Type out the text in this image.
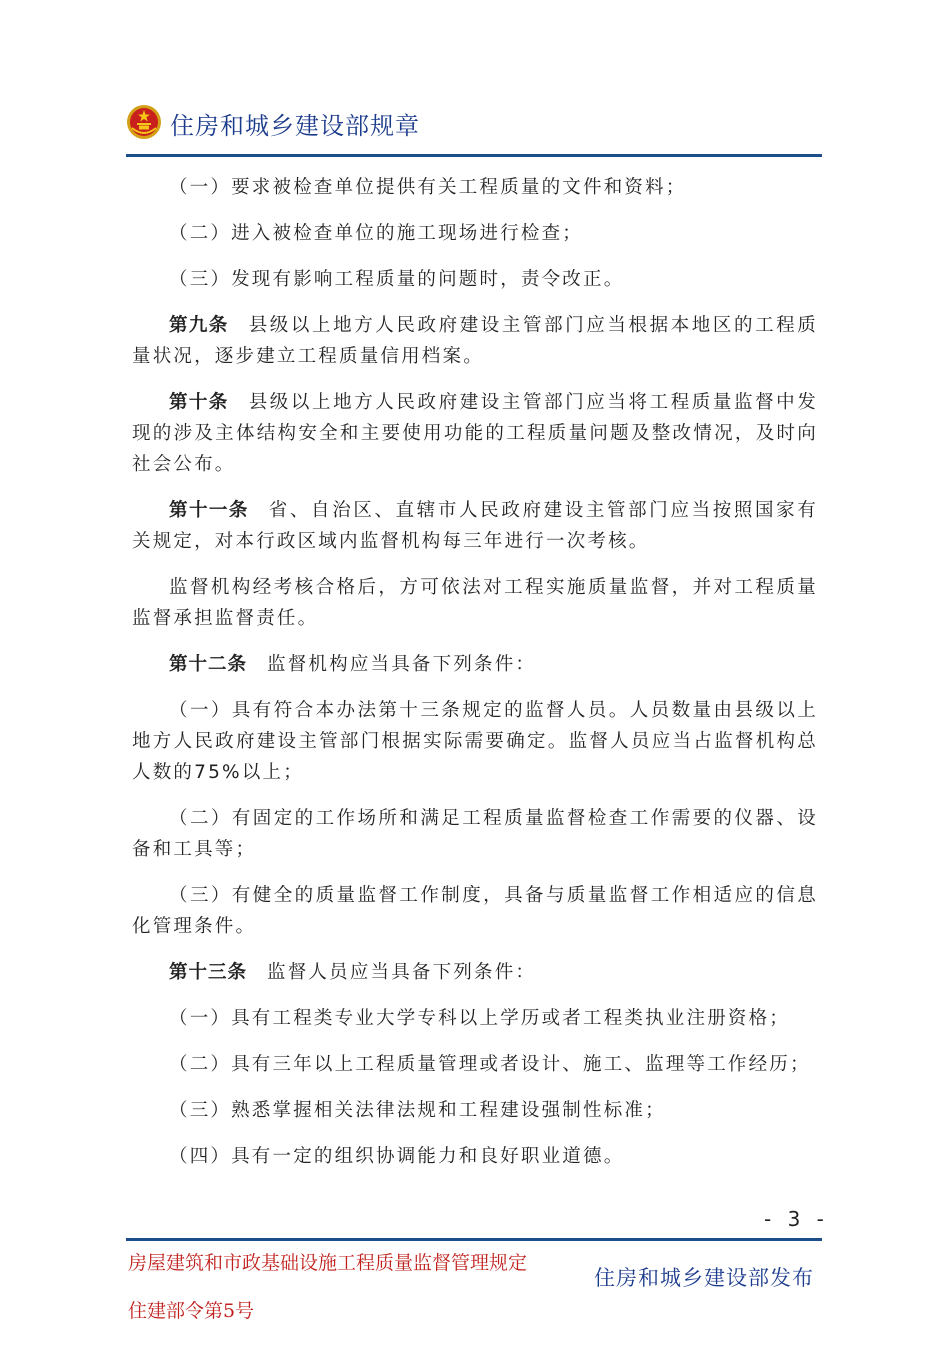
住房和城乡建设部规章

（一）要求被检查单位提供有关工程质量的文件和资料；

（二）进入被检查单位的施工现场进行检查；

（三）发现有影响工程质量的问题时，责令改正。

第九条 县级以上地方人民政府建设主管部门应当根据本地区的工程质量状况，逐步建立工程质量信用档案。

第十条 县级以上地方人民政府建设主管部门应当将工程质量监督中发现的涉及主体结构安全和主要使用功能的工程质量问题及整改情况，及时向社会公布。

第十一条 省、自治区、直辖市人民政府建设主管部门应当按照国家有关规定，对本行政区域内监督机构每三年进行一次考核。

监督机构经考核合格后，方可依法对工程实施质量监督，并对工程质量监督承担监督责任。

第十二条 监督机构应当具备下列条件：

（一）具有符合本办法第十三条规定的监督人员。人员数量由县级以上地方人民政府建设主管部门根据实际需要确定。监督人员应当占监督机构总人数的75%以上；

（二）有固定的工作场所和满足工程质量监督检查工作需要的仪器、设备和工具等；

（三）有健全的质量监督工作制度，具备与质量监督工作相适应的信息化管理条件。

第十三条 监督人员应当具备下列条件：

（一）具有工程类专业大学专科以上学历或者工程类执业注册资格；

（二）具有三年以上工程质量管理或者设计、施工、监理等工作经历；

（三）熟悉掌握相关法律法规和工程建设强制性标准；

（四）具有一定的组织协调能力和良好职业道德。

- 3 -
房屋建筑和市政基础设施工程质量监督管理规定
住建部令第5号
住房和城乡建设部发布
